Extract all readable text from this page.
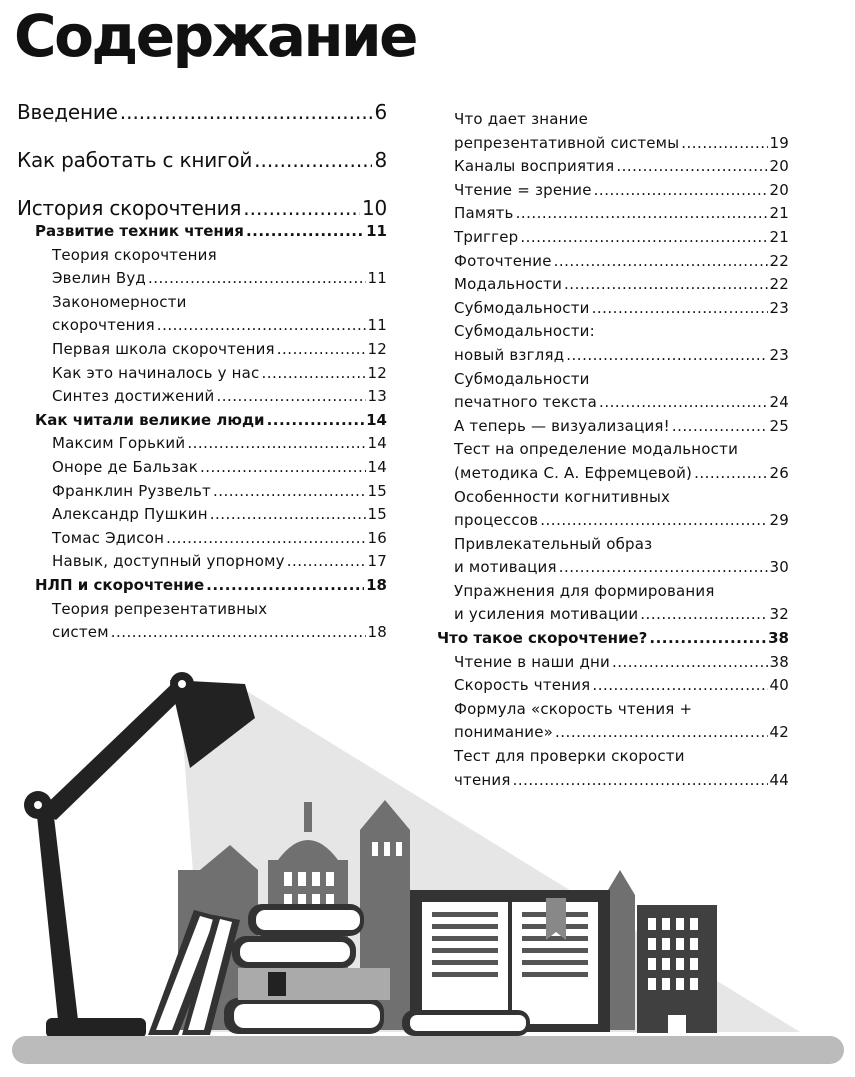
Содержание
Введение .....	6
Как работать с книгой .....	8
История скорочтения .....	10
Развитие техник чтения .....	11
Теория скорочтения
Эвелин Вуд .....	11
Закономерности
скорочтения .....	11
Первая школа скорочтения .....	12
Как это начиналось у нас .....	12
Синтез достижений .....	13
Как читали великие люди .....	14
Максим Горький .....	14
Оноре де Бальзак .....	14
Франклин Рузвельт .....	15
Александр Пушкин .....	15
Томас Эдисон .....	16
Навык, доступный упорному .....	17
НЛП и скорочтение .....	18
Теория репрезентативных
систем .....	18
Что дает знание
репрезентативной системы .....	19
Каналы восприятия .....	20
Чтение = зрение .....	20
Память .....	21
Триггер .....	21
Фоточтение .....	22
Модальности .....	22
Субмодальности .....	23
Субмодальности:
новый взгляд .....	23
Субмодальности
печатного текста .....	24
А теперь — визуализация! .....	25
Тест на определение модальности
(методика С. А. Ефремцевой) .....	26
Особенности когнитивных
процессов .....	29
Привлекательный образ
и мотивация .....	30
Упражнения для формирования
и усиления мотивации .....	32
Что такое скорочтение? .....	38
Чтение в наши дни .....	38
Скорость чтения .....	40
Формула «скорость чтения +
понимание» .....	42
Тест для проверки скорости
чтения .....	44
